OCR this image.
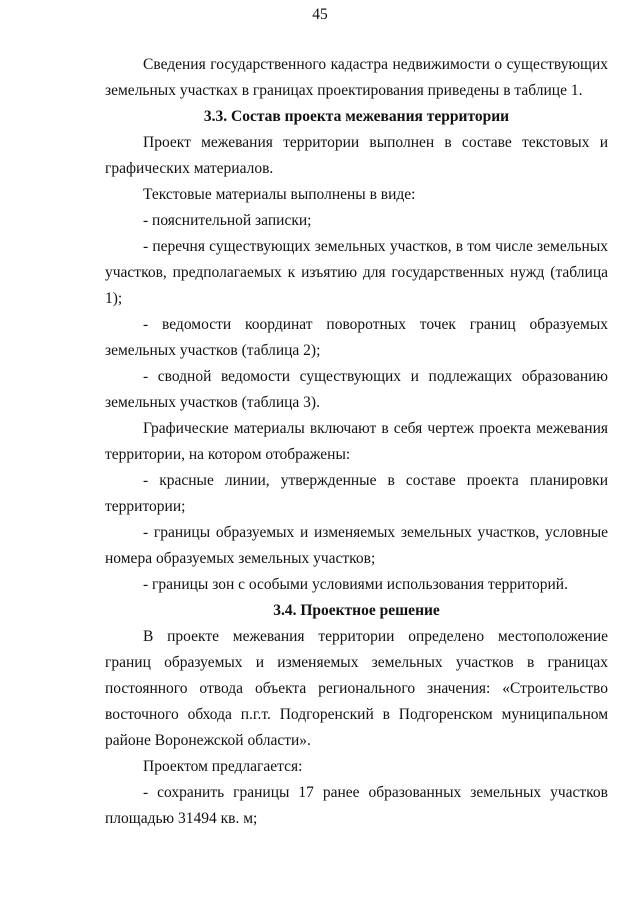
45

Сведения государственного кадастра недвижимости о существующих земельных участках в границах проектирования приведены в таблице 1.

3.3. Состав проекта межевания территории

Проект межевания территории выполнен в составе текстовых и графических материалов.

Текстовые материалы выполнены в виде:

- пояснительной записки;

- перечня существующих земельных участков, в том числе земельных участков, предполагаемых к изъятию для государственных нужд (таблица 1);

- ведомости координат поворотных точек границ образуемых земельных участков (таблица 2);

- сводной ведомости существующих и подлежащих образованию земельных участков (таблица 3).

Графические материалы включают в себя чертеж проекта межевания территории, на котором отображены:

- красные линии, утвержденные в составе проекта планировки территории;

- границы образуемых и изменяемых земельных участков, условные номера образуемых земельных участков;

- границы зон с особыми условиями использования территорий.

3.4. Проектное решение

В проекте межевания территории определено местоположение границ образуемых и изменяемых земельных участков в границах постоянного отвода объекта регионального значения: «Строительство восточного обхода п.г.т. Подгоренский в Подгоренском муниципальном районе Воронежской области».

Проектом предлагается:

- сохранить границы 17 ранее образованных земельных участков площадью 31494 кв. м;
